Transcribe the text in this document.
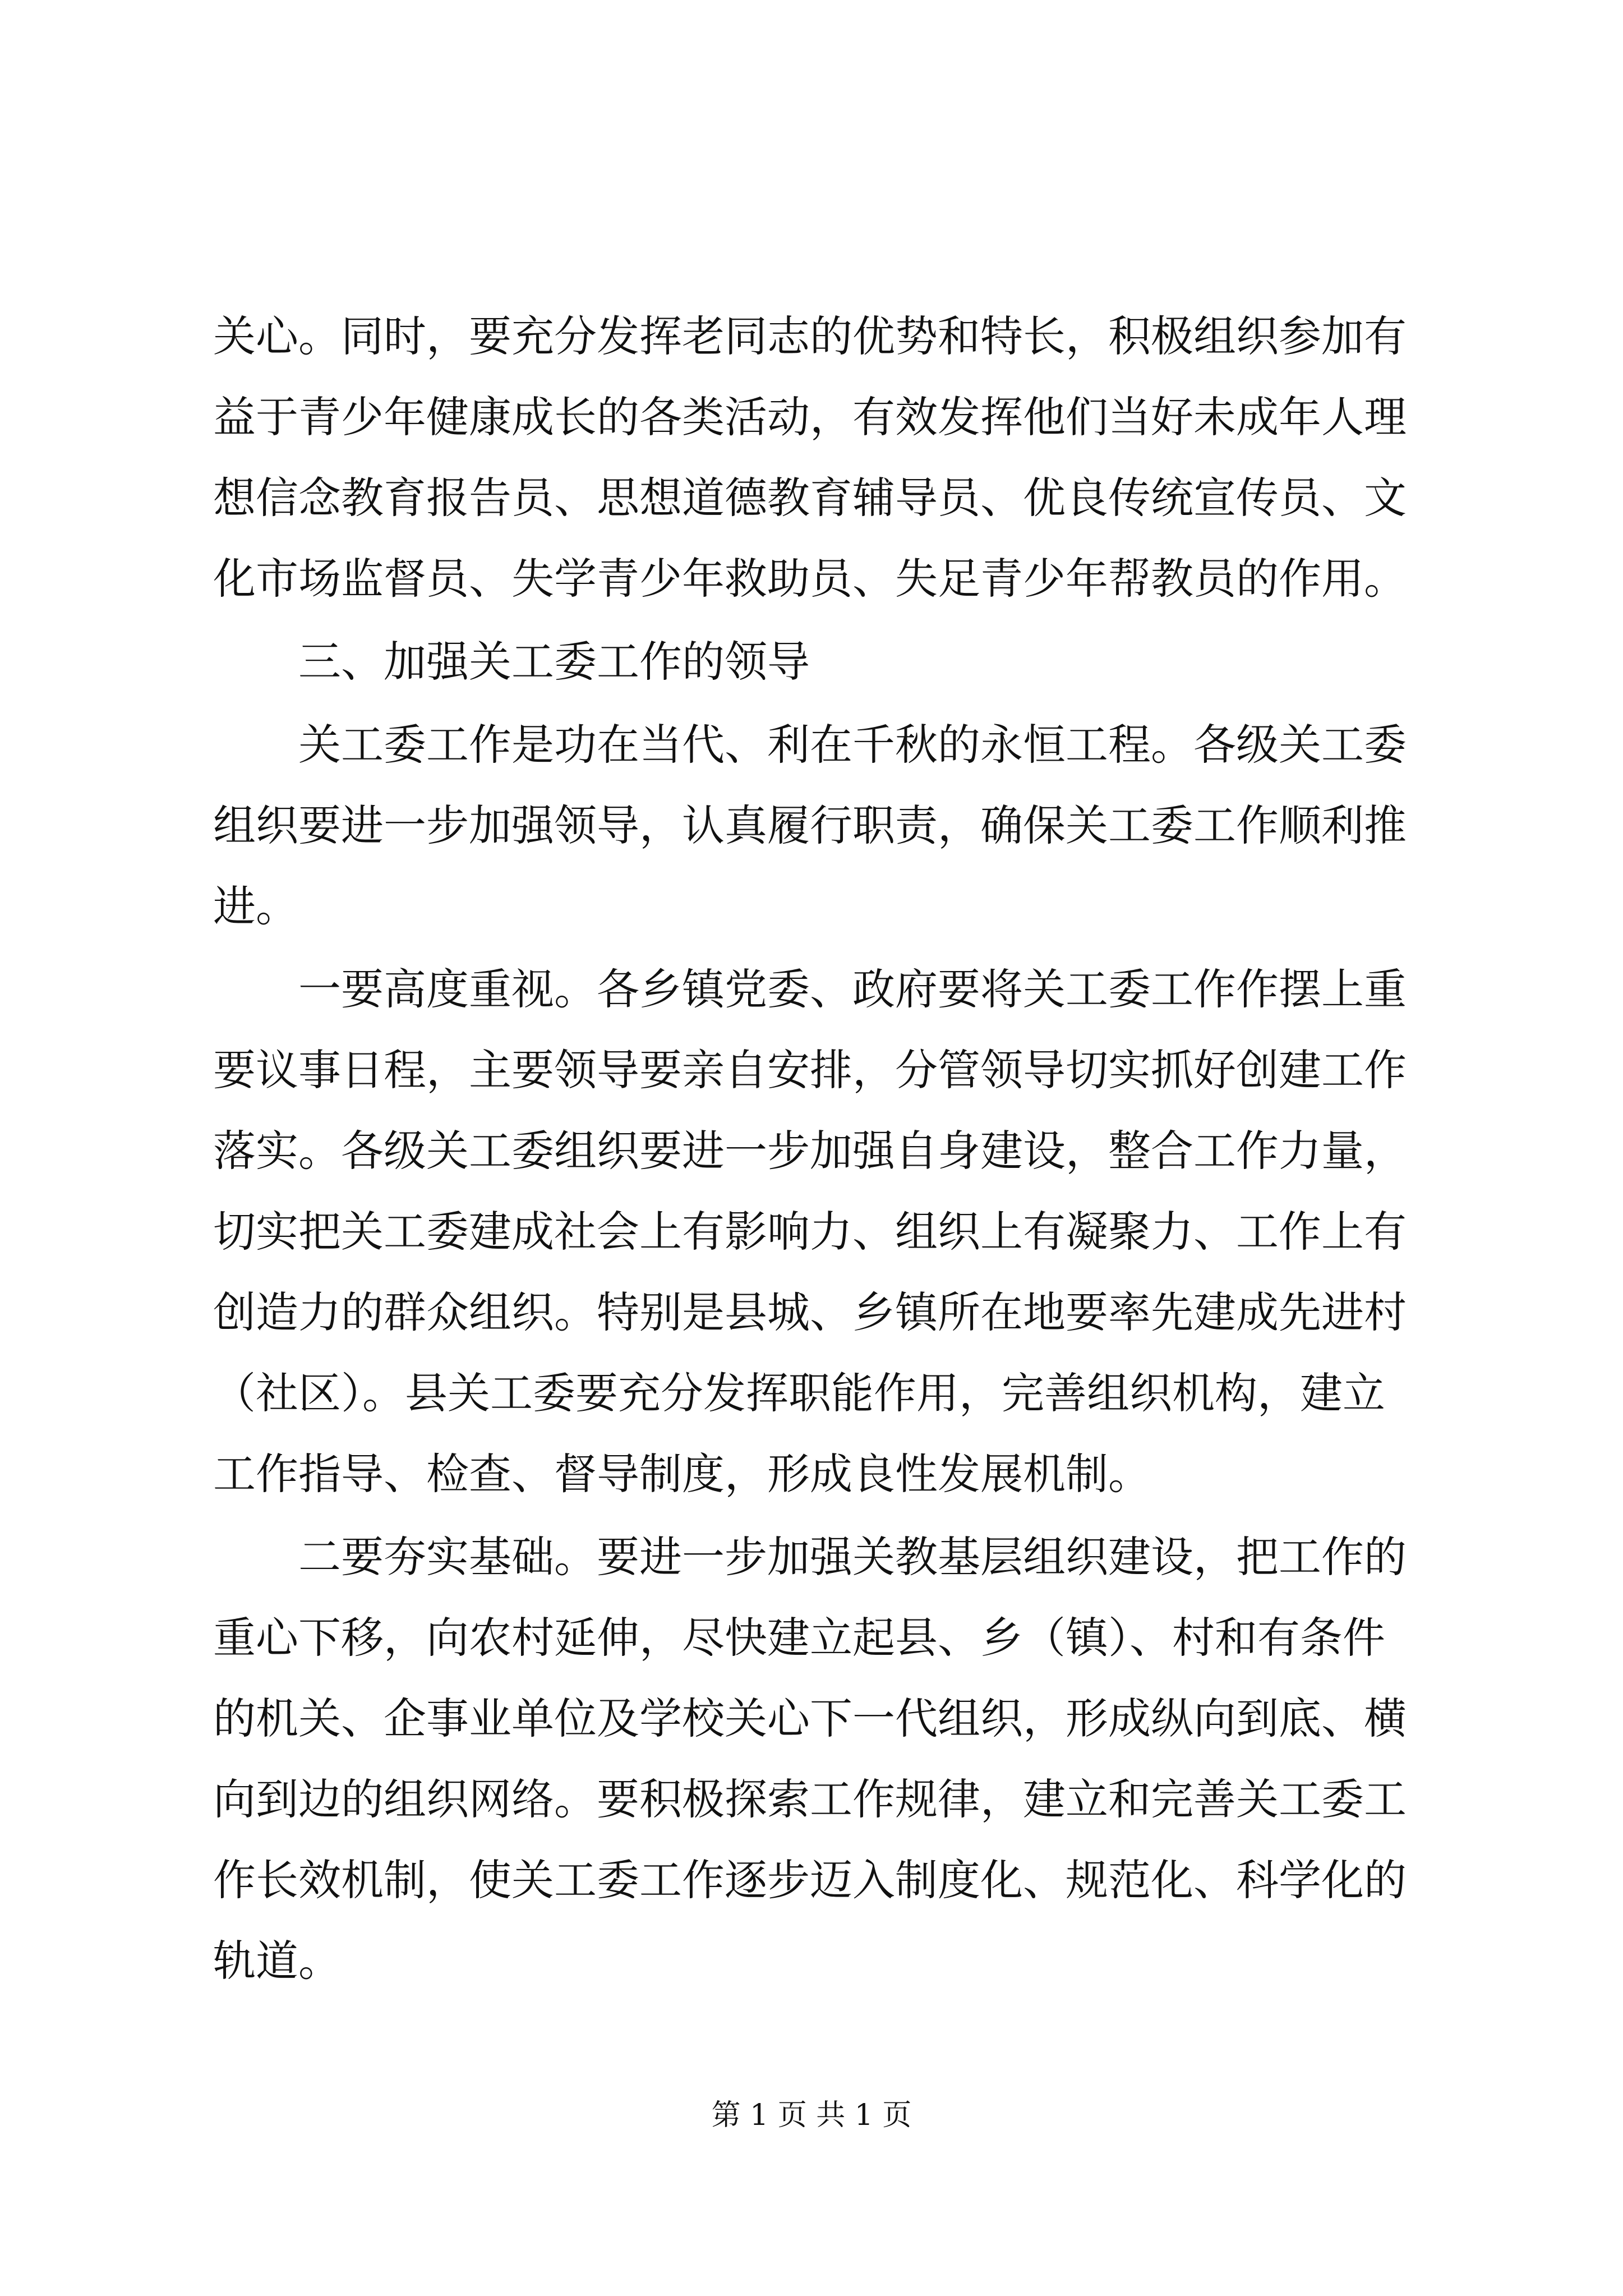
关心。同时，要充分发挥老同志的优势和特长，积极组织参加有
益于青少年健康成长的各类活动，有效发挥他们当好未成年人理
想信念教育报告员、思想道德教育辅导员、优良传统宣传员、文
化市场监督员、失学青少年救助员、失足青少年帮教员的作用。
三、加强关工委工作的领导
关工委工作是功在当代、利在千秋的永恒工程。各级关工委
组织要进一步加强领导，认真履行职责，确保关工委工作顺利推
进。
一要高度重视。各乡镇党委、政府要将关工委工作作摆上重
要议事日程，主要领导要亲自安排，分管领导切实抓好创建工作
落实。各级关工委组织要进一步加强自身建设，整合工作力量，
切实把关工委建成社会上有影响力、组织上有凝聚力、工作上有
创造力的群众组织。特别是县城、乡镇所在地要率先建成先进村
（社区）。县关工委要充分发挥职能作用，完善组织机构，建立
工作指导、检查、督导制度，形成良性发展机制。
二要夯实基础。要进一步加强关教基层组织建设，把工作的
重心下移，向农村延伸，尽快建立起县、乡（镇）、村和有条件
的机关、企事业单位及学校关心下一代组织，形成纵向到底、横
向到边的组织网络。要积极探索工作规律，建立和完善关工委工
作长效机制，使关工委工作逐步迈入制度化、规范化、科学化的
轨道。
第 1 页 共 1 页
